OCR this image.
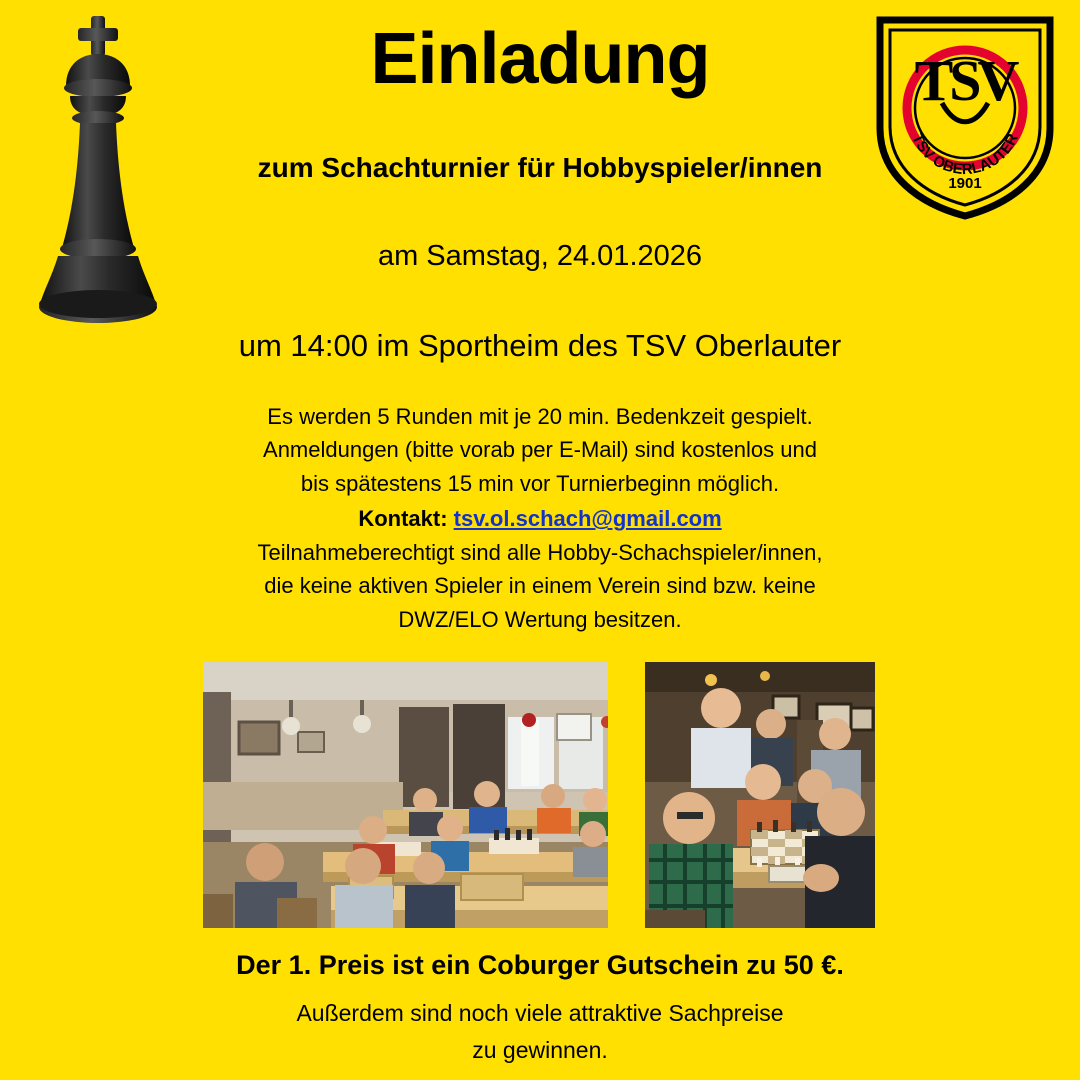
TSV
TSV OBERLAUTER
1901
Einladung
zum Schachturnier für Hobbyspieler/innen
am Samstag, 24.01.2026
um 14:00 im Sportheim des TSV Oberlauter
Es werden 5 Runden mit je 20 min. Bedenkzeit gespielt.
Anmeldungen (bitte vorab per E-Mail) sind kostenlos und
bis spätestens 15 min vor Turnierbeginn möglich.
Kontakt: tsv.ol.schach@gmail.com
Teilnahmeberechtigt sind alle Hobby-Schachspieler/innen,
die keine aktiven Spieler in einem Verein sind bzw. keine
DWZ/ELO Wertung besitzen.
Der 1. Preis ist ein Coburger Gutschein zu 50 €.
Außerdem sind noch viele attraktive Sachpreise
zu gewinnen.
